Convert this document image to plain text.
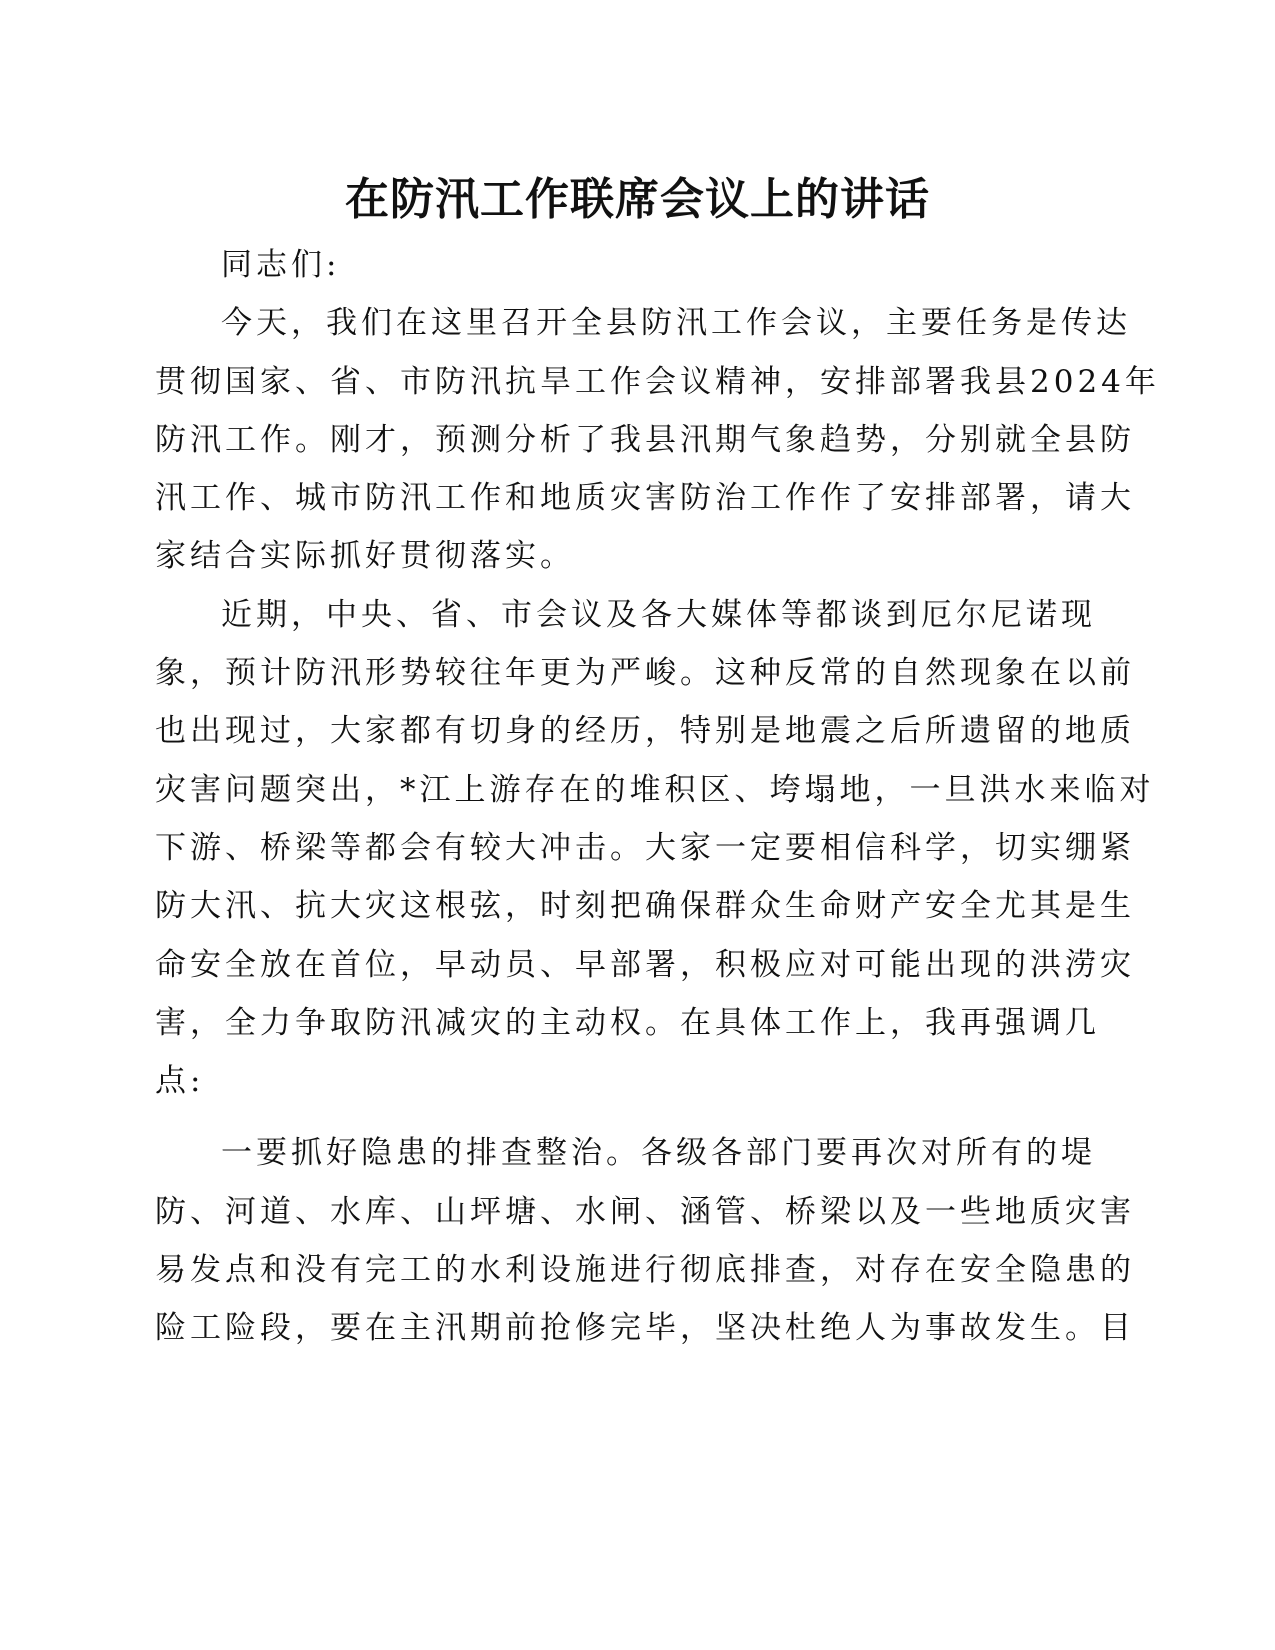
在防汛工作联席会议上的讲话
同志们:
今天，我们在这里召开全县防汛工作会议，主要任务是传达
贯彻国家、省、市防汛抗旱工作会议精神，安排部署我县2024年
防汛工作。刚才，预测分析了我县汛期气象趋势，分别就全县防
汛工作、城市防汛工作和地质灾害防治工作作了安排部署，请大
家结合实际抓好贯彻落实。
近期，中央、省、市会议及各大媒体等都谈到厄尔尼诺现
象，预计防汛形势较往年更为严峻。这种反常的自然现象在以前
也出现过，大家都有切身的经历，特别是地震之后所遗留的地质
灾害问题突出，*江上游存在的堆积区、垮塌地，一旦洪水来临对
下游、桥梁等都会有较大冲击。大家一定要相信科学，切实绷紧
防大汛、抗大灾这根弦，时刻把确保群众生命财产安全尤其是生
命安全放在首位，早动员、早部署，积极应对可能出现的洪涝灾
害，全力争取防汛减灾的主动权。在具体工作上，我再强调几
点:
一要抓好隐患的排查整治。各级各部门要再次对所有的堤
防、河道、水库、山坪塘、水闸、涵管、桥梁以及一些地质灾害
易发点和没有完工的水利设施进行彻底排查，对存在安全隐患的
险工险段，要在主汛期前抢修完毕，坚决杜绝人为事故发生。目
